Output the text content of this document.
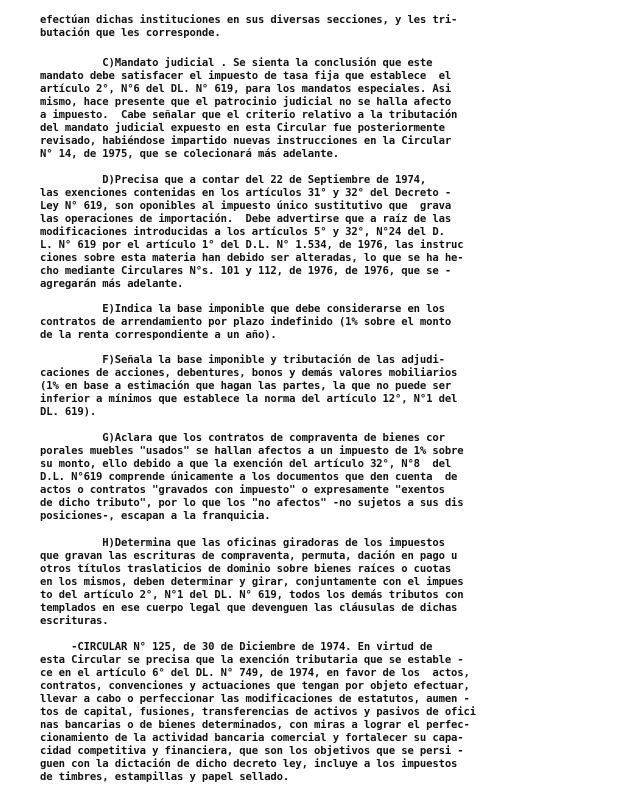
efectúan dichas instituciones en sus diversas secciones, y les tri-
butación que les corresponde.
C)Mandato judicial . Se sienta la conclusión que este
mandato debe satisfacer el impuesto de tasa fija que establece  el
artículo 2°, N°6 del DL. N° 619, para los mandatos especiales. Asi
mismo, hace presente que el patrocinio judicial no se halla afecto
a impuesto.  Cabe señalar que el criterio relativo a la tributación
del mandato judicial expuesto en esta Circular fue posteriormente
revisado, habiéndose impartido nuevas instrucciones en la Circular
N° 14, de 1975, que se colecionará más adelante.
D)Precisa que a contar del 22 de Septiembre de 1974,
las exenciones contenidas en los artículos 31° y 32° del Decreto -
Ley N° 619, son oponibles al impuesto único sustitutivo que  grava
las operaciones de importación.  Debe advertirse que a raíz de las
modificaciones introducidas a los artículos 5° y 32°, N°24 del D.
L. N° 619 por el artículo 1° del D.L. N° 1.534, de 1976, las instruc
ciones sobre esta materia han debido ser alteradas, lo que se ha he-
cho mediante Circulares N°s. 101 y 112, de 1976, de 1976, que se -
agregarán más adelante.
E)Indica la base imponible que debe considerarse en los
contratos de arrendamiento por plazo indefinido (1% sobre el monto
de la renta correspondiente a un año).
F)Señala la base imponible y tributación de las adjudi-
caciones de acciones, debentures, bonos y demás valores mobiliarios
(1% en base a estimación que hagan las partes, la que no puede ser
inferior a mínimos que establece la norma del artículo 12°, N°1 del
DL. 619).
G)Aclara que los contratos de compraventa de bienes cor
porales muebles "usados" se hallan afectos a un impuesto de 1% sobre
su monto, ello debido a que la exención del artículo 32°, N°8  del
D.L. N°619 comprende únicamente a los documentos que den cuenta  de
actos o contratos "gravados con impuesto" o expresamente "exentos
de dicho tributo", por lo que los "no afectos" -no sujetos a sus dis
posiciones-, escapan a la franquicia.
H)Determina que las oficinas giradoras de los impuestos
que gravan las escrituras de compraventa, permuta, dación en pago u
otros títulos traslaticios de dominio sobre bienes raíces o cuotas
en los mismos, deben determinar y girar, conjuntamente con el impues
to del artículo 2°, N°1 del DL. N° 619, todos los demás tributos con
templados en ese cuerpo legal que devenguen las cláusulas de dichas
escrituras.
-CIRCULAR N° 125, de 30 de Diciembre de 1974. En virtud de
esta Circular se precisa que la exención tributaria que se estable -
ce en el artículo 6° del DL. N° 749, de 1974, en favor de los  actos,
contratos, convenciones y actuaciones que tengan por objeto efectuar,
llevar a cabo o perfeccionar las modificaciones de estatutos, aumen -
tos de capital, fusiones, transferencias de activos y pasivos de ofici
nas bancarias o de bienes determinados, con miras a lograr el perfec-
cionamiento de la actividad bancaria comercial y fortalecer su capa-
cidad competitiva y financiera, que son los objetivos que se persi -
guen con la dictación de dicho decreto ley, incluye a los impuestos
de timbres, estampillas y papel sellado.
